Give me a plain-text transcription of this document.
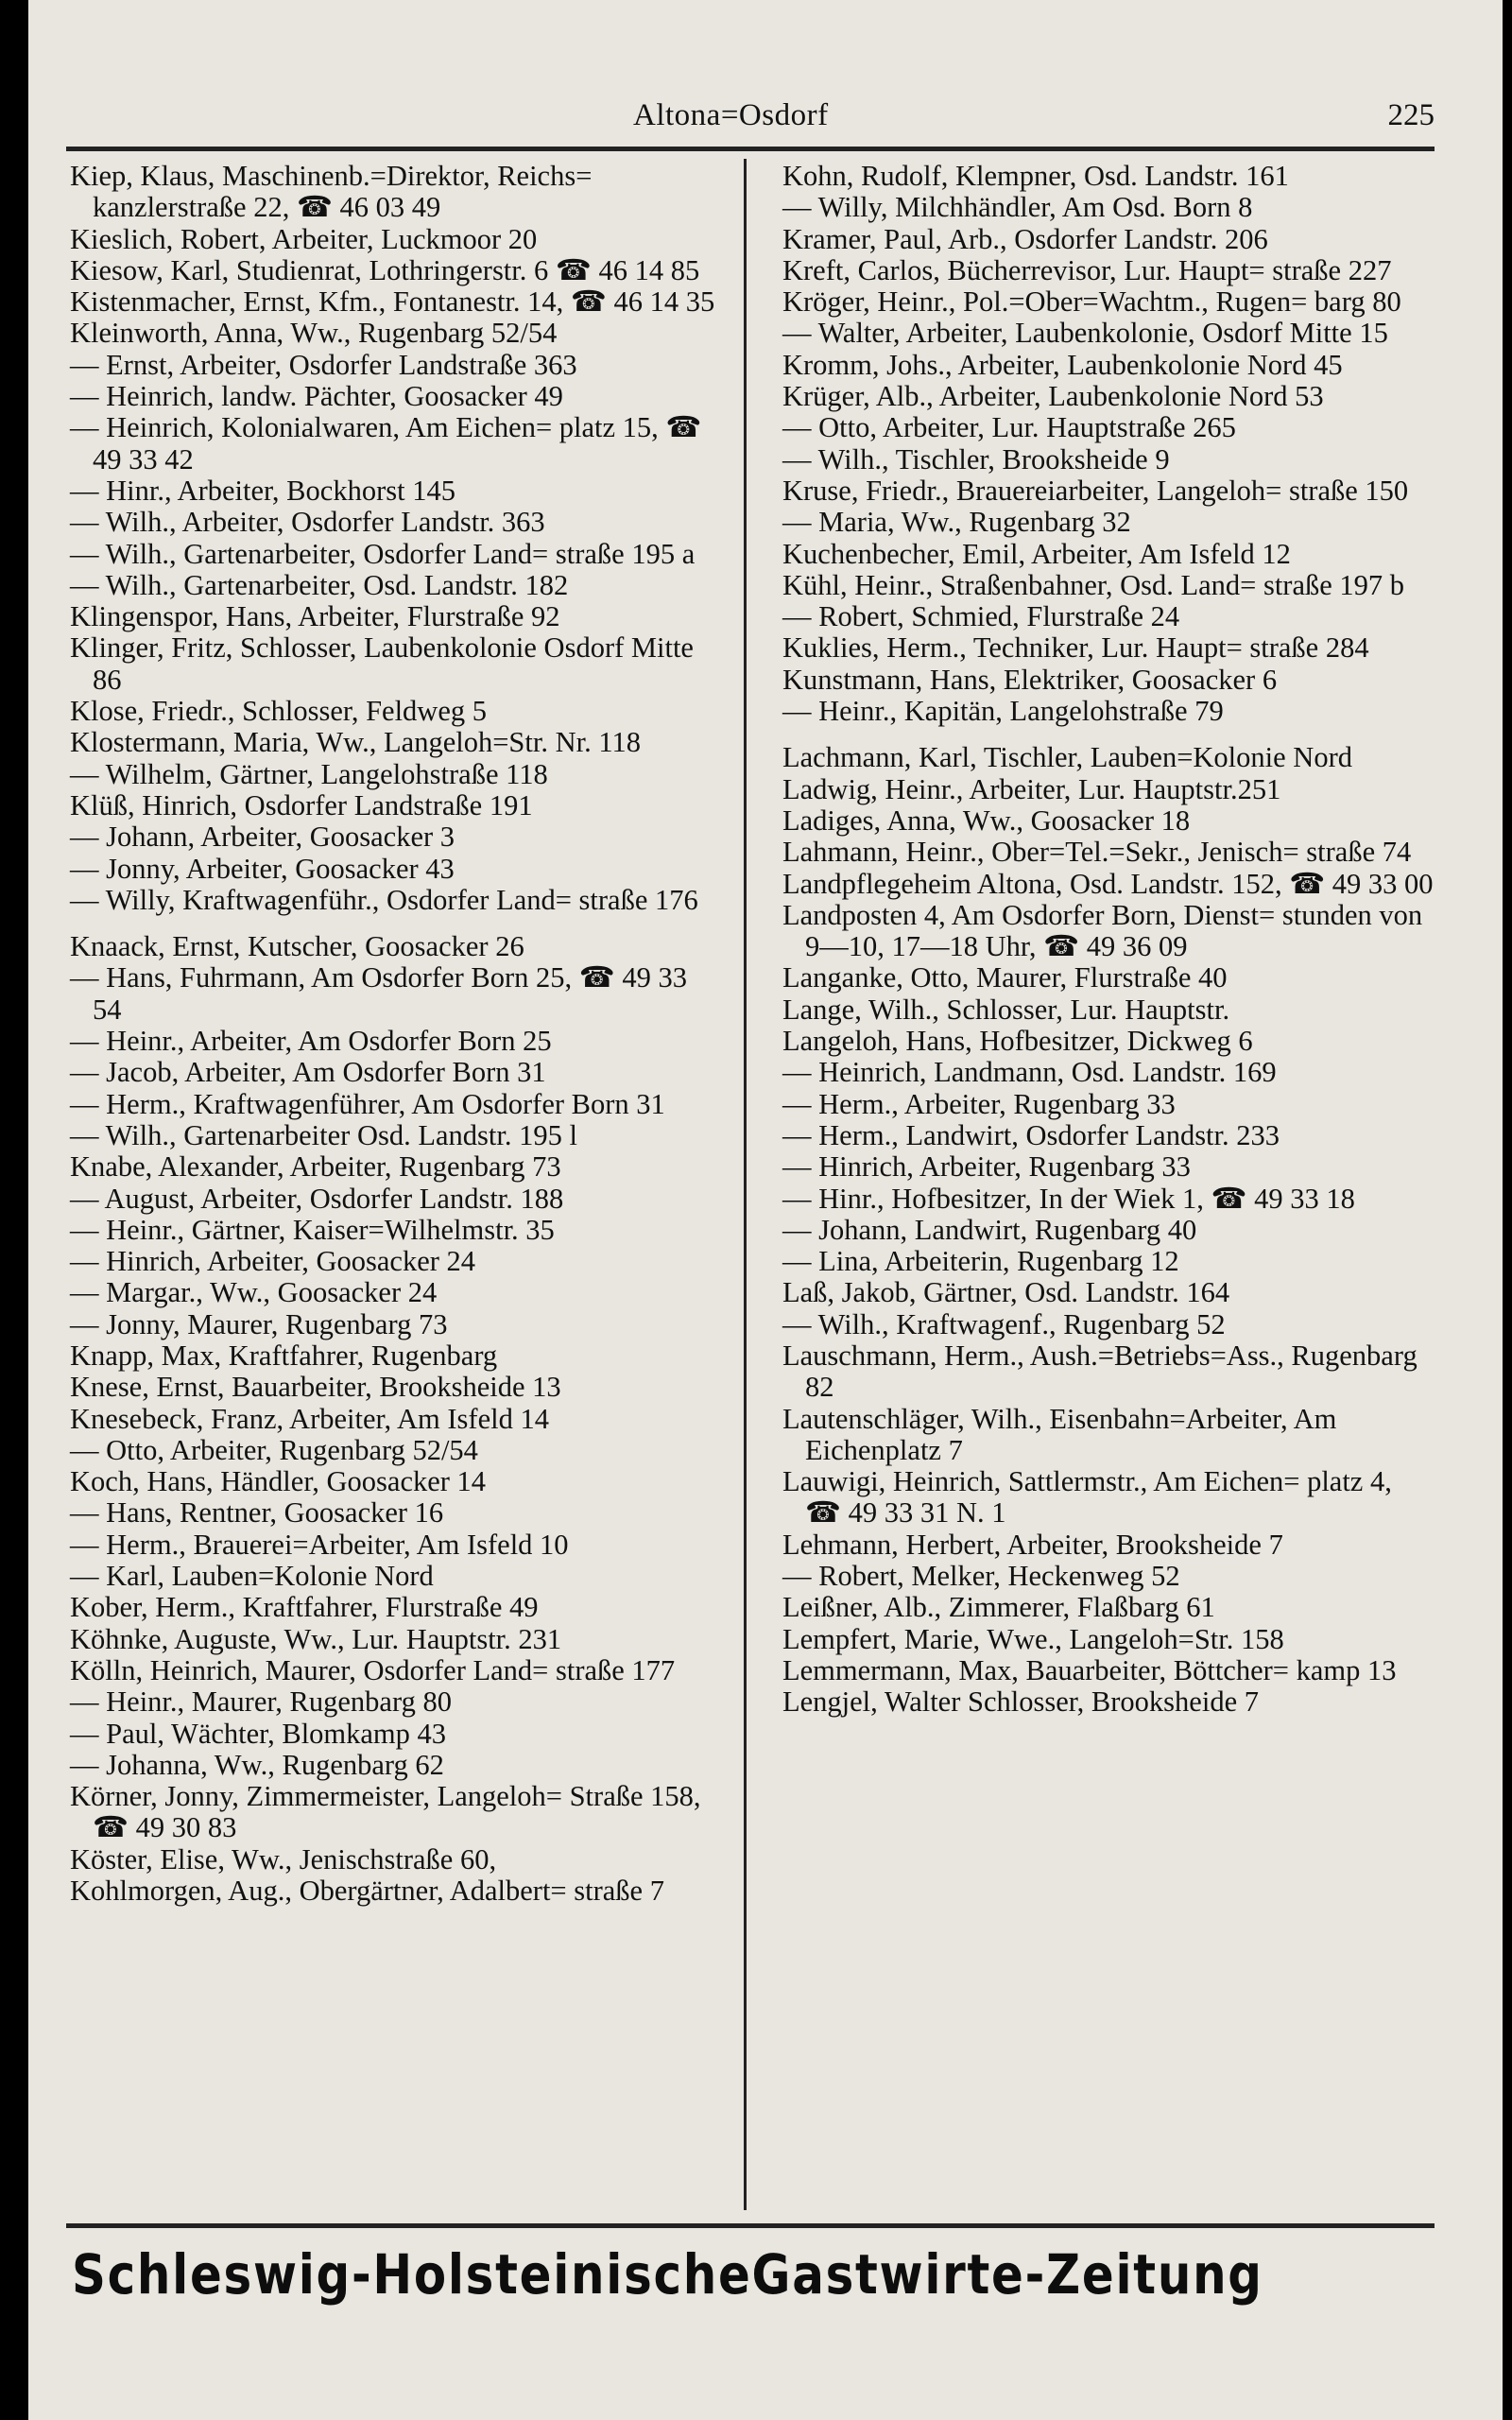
Altona=Osdorf	225

Kiep, Klaus, Maschinenb.=Direktor, Reichs= kanzlerstraße 22, ☎ 46 03 49

Kieslich, Robert, Arbeiter, Luckmoor 20

Kiesow, Karl, Studienrat, Lothringerstr. 6 ☎ 46 14 85

Kistenmacher, Ernst, Kfm., Fontanestr. 14, ☎ 46 14 35

Kleinworth, Anna, Ww., Rugenbarg 52/54

— Ernst, Arbeiter, Osdorfer Landstraße 363

— Heinrich, landw. Pächter, Goosacker 49

— Heinrich, Kolonialwaren, Am Eichen= platz 15, ☎ 49 33 42

— Hinr., Arbeiter, Bockhorst 145

— Wilh., Arbeiter, Osdorfer Landstr. 363

— Wilh., Gartenarbeiter, Osdorfer Land= straße 195 a

— Wilh., Gartenarbeiter, Osd. Landstr. 182

Klingenspor, Hans, Arbeiter, Flurstraße 92

Klinger, Fritz, Schlosser, Laubenkolonie Osdorf Mitte 86

Klose, Friedr., Schlosser, Feldweg 5

Klostermann, Maria, Ww., Langeloh=Str. Nr. 118

— Wilhelm, Gärtner, Langelohstraße 118

Klüß, Hinrich, Osdorfer Landstraße 191

— Johann, Arbeiter, Goosacker 3

— Jonny, Arbeiter, Goosacker 43

— Willy, Kraftwagenführ., Osdorfer Land= straße 176

Knaack, Ernst, Kutscher, Goosacker 26

— Hans, Fuhrmann, Am Osdorfer Born 25, ☎ 49 33 54

— Heinr., Arbeiter, Am Osdorfer Born 25

— Jacob, Arbeiter, Am Osdorfer Born 31

— Herm., Kraftwagenführer, Am Osdorfer Born 31

— Wilh., Gartenarbeiter Osd. Landstr. 195 l

Knabe, Alexander, Arbeiter, Rugenbarg 73

— August, Arbeiter, Osdorfer Landstr. 188

— Heinr., Gärtner, Kaiser=Wilhelmstr. 35

— Hinrich, Arbeiter, Goosacker 24

— Margar., Ww., Goosacker 24

— Jonny, Maurer, Rugenbarg 73

Knapp, Max, Kraftfahrer, Rugenbarg

Knese, Ernst, Bauarbeiter, Brooksheide 13

Knesebeck, Franz, Arbeiter, Am Isfeld 14

— Otto, Arbeiter, Rugenbarg 52/54

Koch, Hans, Händler, Goosacker 14

— Hans, Rentner, Goosacker 16

— Herm., Brauerei=Arbeiter, Am Isfeld 10

— Karl, Lauben=Kolonie Nord

Kober, Herm., Kraftfahrer, Flurstraße 49

Köhnke, Auguste, Ww., Lur. Hauptstr. 231

Kölln, Heinrich, Maurer, Osdorfer Land= straße 177

— Heinr., Maurer, Rugenbarg 80

— Paul, Wächter, Blomkamp 43

— Johanna, Ww., Rugenbarg 62

Körner, Jonny, Zimmermeister, Langeloh= Straße 158, ☎ 49 30 83

Köster, Elise, Ww., Jenischstraße 60,

Kohlmorgen, Aug., Obergärtner, Adalbert= straße 7

Kohn, Rudolf, Klempner, Osd. Landstr. 161

— Willy, Milchhändler, Am Osd. Born 8

Kramer, Paul, Arb., Osdorfer Landstr. 206

Kreft, Carlos, Bücherrevisor, Lur. Haupt= straße 227

Kröger, Heinr., Pol.=Ober=Wachtm., Rugen= barg 80

— Walter, Arbeiter, Laubenkolonie, Osdorf Mitte 15

Kromm, Johs., Arbeiter, Laubenkolonie Nord 45

Krüger, Alb., Arbeiter, Laubenkolonie Nord 53

— Otto, Arbeiter, Lur. Hauptstraße 265

— Wilh., Tischler, Brooksheide 9

Kruse, Friedr., Brauereiarbeiter, Langeloh= straße 150

— Maria, Ww., Rugenbarg 32

Kuchenbecher, Emil, Arbeiter, Am Isfeld 12

Kühl, Heinr., Straßenbahner, Osd. Land= straße 197 b

— Robert, Schmied, Flurstraße 24

Kuklies, Herm., Techniker, Lur. Haupt= straße 284

Kunstmann, Hans, Elektriker, Goosacker 6

— Heinr., Kapitän, Langelohstraße 79

Lachmann, Karl, Tischler, Lauben=Kolonie Nord

Ladwig, Heinr., Arbeiter, Lur. Hauptstr.251

Ladiges, Anna, Ww., Goosacker 18

Lahmann, Heinr., Ober=Tel.=Sekr., Jenisch= straße 74

Landpflegeheim Altona, Osd. Landstr. 152, ☎ 49 33 00

Landposten 4, Am Osdorfer Born, Dienst= stunden von 9—10, 17—18 Uhr, ☎ 49 36 09

Langanke, Otto, Maurer, Flurstraße 40

Lange, Wilh., Schlosser, Lur. Hauptstr.

Langeloh, Hans, Hofbesitzer, Dickweg 6

— Heinrich, Landmann, Osd. Landstr. 169

— Herm., Arbeiter, Rugenbarg 33

— Herm., Landwirt, Osdorfer Landstr. 233

— Hinrich, Arbeiter, Rugenbarg 33

— Hinr., Hofbesitzer, In der Wiek 1, ☎ 49 33 18

— Johann, Landwirt, Rugenbarg 40

— Lina, Arbeiterin, Rugenbarg 12

Laß, Jakob, Gärtner, Osd. Landstr. 164

— Wilh., Kraftwagenf., Rugenbarg 52

Lauschmann, Herm., Aush.=Betriebs=Ass., Rugenbarg 82

Lautenschläger, Wilh., Eisenbahn=Arbeiter, Am Eichenplatz 7

Lauwigi, Heinrich, Sattlermstr., Am Eichen= platz 4, ☎ 49 33 31 N. 1

Lehmann, Herbert, Arbeiter, Brooksheide 7

— Robert, Melker, Heckenweg 52

Leißner, Alb., Zimmerer, Flaßbarg 61

Lempfert, Marie, Wwe., Langeloh=Str. 158

Lemmermann, Max, Bauarbeiter, Böttcher= kamp 13

Lengjel, Walter Schlosser, Brooksheide 7

Schleswig-HolsteinischeGastwirte-Zeitung
